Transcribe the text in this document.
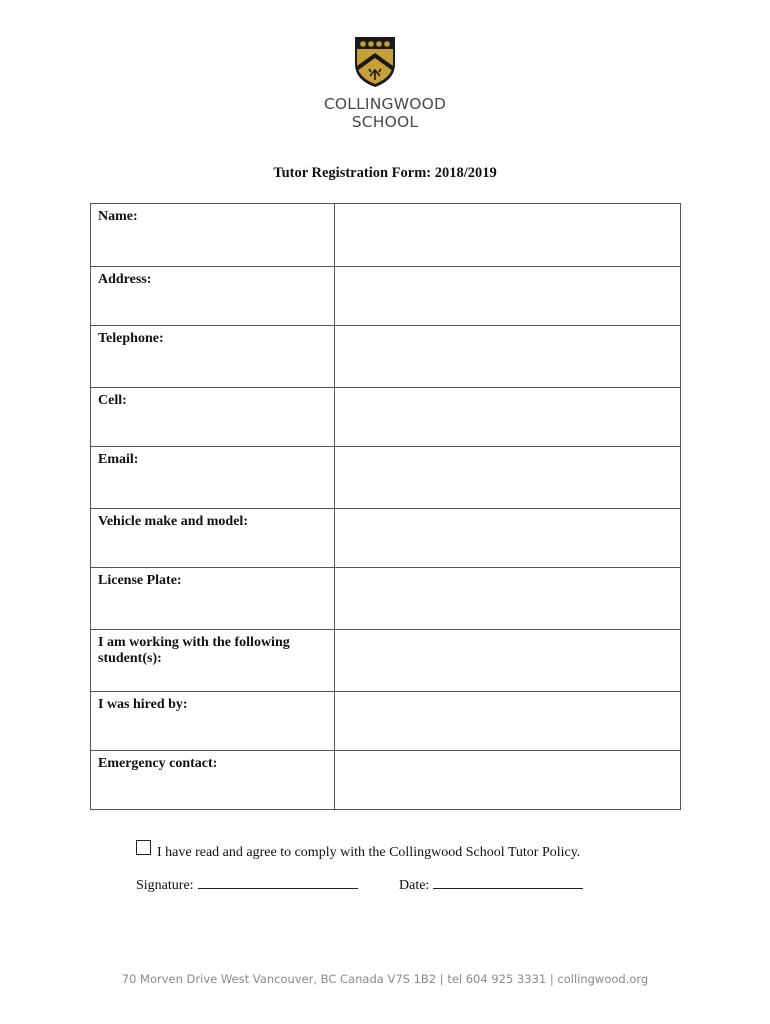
COLLINGWOOD
SCHOOL
Tutor Registration Form: 2018/2019
Name:	
Address:	
Telephone:	
Cell:	
Email:	
Vehicle make and model:	
License Plate:	
I am working with the following student(s):	
I was hired by:	
Emergency contact:	
I have read and agree to comply with the Collingwood School Tutor Policy.
Signature:	Date:
70 Morven Drive West Vancouver, BC Canada V7S 1B2 | tel 604 925 3331 | collingwood.org
